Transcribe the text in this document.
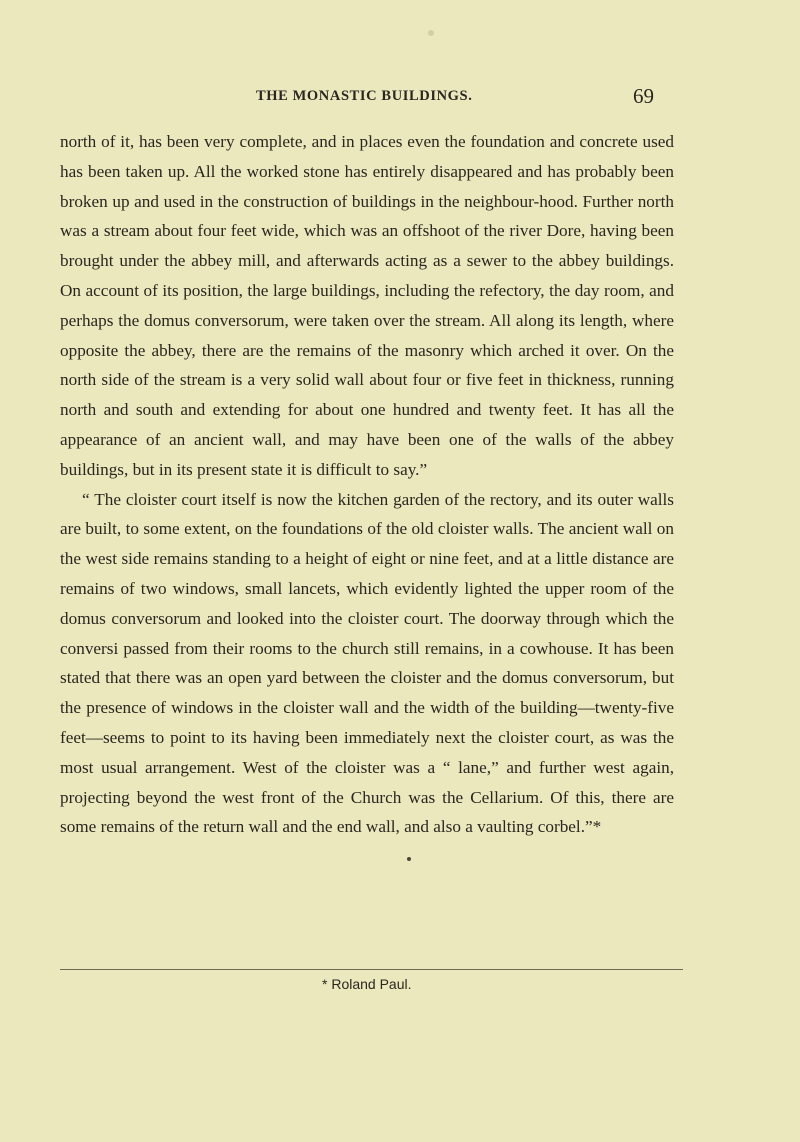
THE MONASTIC BUILDINGS.	69

north of it, has been very complete, and in places even the foundation and concrete used has been taken up. All the worked stone has entirely disappeared and has probably been broken up and used in the construction of buildings in the neighbour-hood. Further north was a stream about four feet wide, which was an offshoot of the river Dore, having been brought under the abbey mill, and afterwards acting as a sewer to the abbey buildings. On account of its position, the large buildings, including the refectory, the day room, and perhaps the domus conversorum, were taken over the stream. All along its length, where opposite the abbey, there are the remains of the masonry which arched it over. On the north side of the stream is a very solid wall about four or five feet in thickness, running north and south and extending for about one hundred and twenty feet. It has all the appearance of an ancient wall, and may have been one of the walls of the abbey buildings, but in its present state it is difficult to say.”

“ The cloister court itself is now the kitchen garden of the rectory, and its outer walls are built, to some extent, on the foundations of the old cloister walls. The ancient wall on the west side remains standing to a height of eight or nine feet, and at a little distance are remains of two windows, small lancets, which evidently lighted the upper room of the domus conversorum and looked into the cloister court. The doorway through which the conversi passed from their rooms to the church still remains, in a cowhouse. It has been stated that there was an open yard between the cloister and the domus conversorum, but the presence of windows in the cloister wall and the width of the building—twenty-five feet—seems to point to its having been immediately next the cloister court, as was the most usual arrangement. West of the cloister was a “ lane,” and further west again, projecting beyond the west front of the Church was the Cellarium. Of this, there are some remains of the return wall and the end wall, and also a vaulting corbel.”*

* Roland Paul.
